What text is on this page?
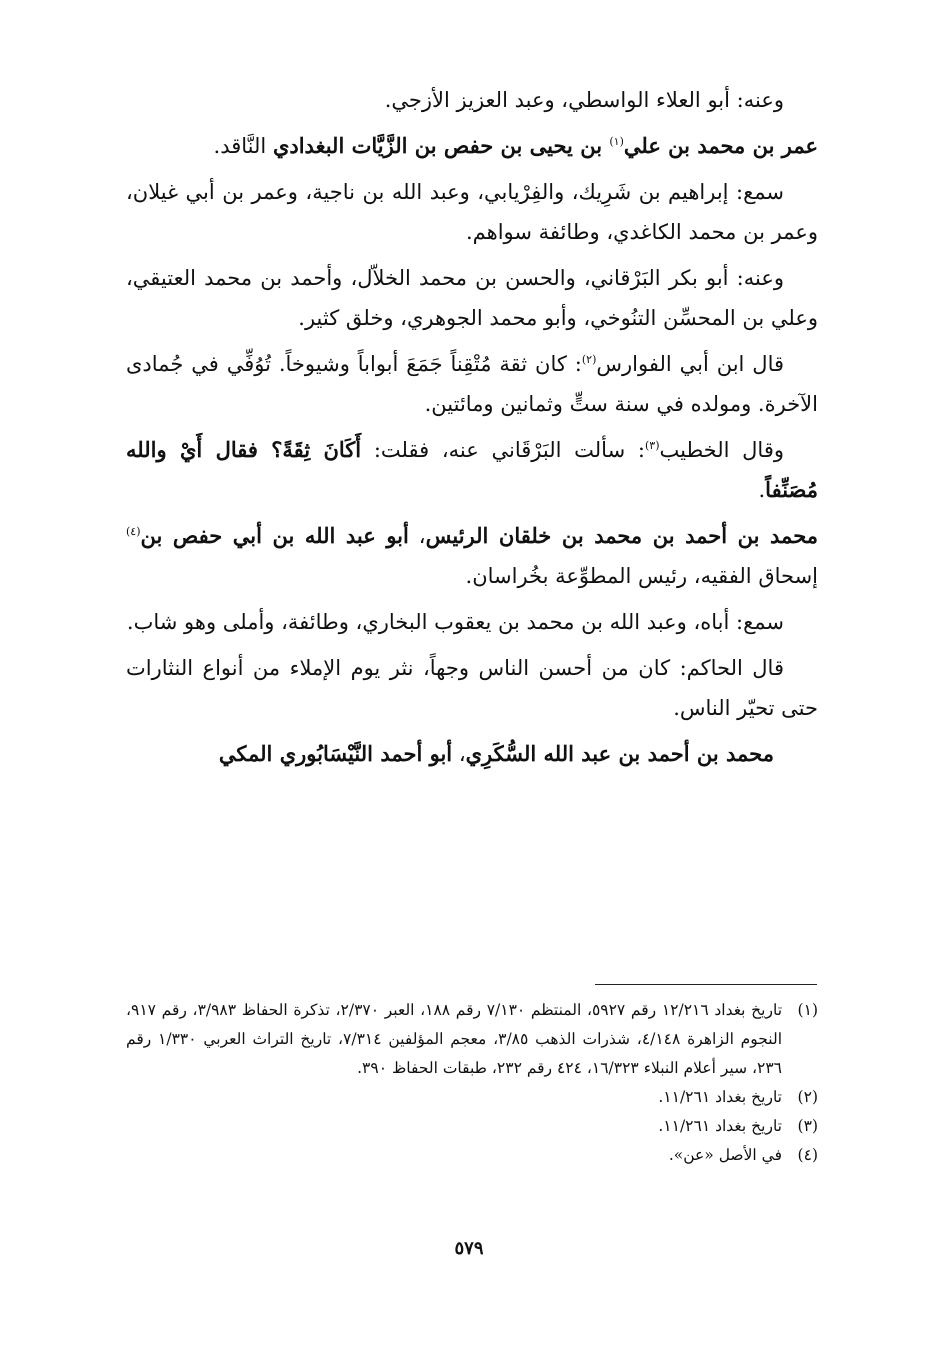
وعنه: أبو العلاء الواسطي، وعبد العزيز الأزجي.

عمر بن محمد بن علي$^{(١)}$ بن يحيى بن حفص بن الزَّيَّات البغدادي النَّاقد.

سمع: إبراهيم بن شَرِيك، والفِرْيابي، وعبد الله بن ناجية، وعمر بن أبي غيلان، وعمر بن محمد الكاغدي، وطائفة سواهم.

وعنه: أبو بكر البَرْقاني، والحسن بن محمد الخلاّل، وأحمد بن محمد العتيقي، وعلي بن المحسِّن التنُوخي، وأبو محمد الجوهري، وخلق كثير.

قال ابن أبي الفوارس$^{(٢)}$: كان ثقة مُتْقِناً جَمَعَ أبواباً وشيوخاً. تُوُفِّي في جُمادى الآخرة. ومولده في سنة ستٍّ وثمانين ومائتين.

وقال الخطيب$^{(٣)}$: سألت البَرْقَاني عنه، فقلت: أَكَانَ ثِقَةً؟ فقال أَيْ والله مُصَنِّفاً.

محمد بن أحمد بن محمد بن خلقان الرئيس، أبو عبد الله بن أبي حفص بن$^{(٤)}$ إسحاق الفقيه، رئيس المطوِّعة بخُراسان.

سمع: أباه، وعبد الله بن محمد بن يعقوب البخاري، وطائفة، وأملى وهو شاب.

قال الحاكم: كان من أحسن الناس وجهاً، نثر يوم الإملاء من أنواع النثارات حتى تحيّر الناس.

محمد بن أحمد بن عبد الله السُّكَرِي، أبو أحمد النَّيْسَابُوري المكي

(١)
تاريخ بغداد ١٢/٢١٦ رقم ٥٩٢٧، المنتظم ٧/١٣٠ رقم ١٨٨، العبر ٢/٣٧٠، تذكرة الحفاظ ٣/٩٨٣، رقم ٩١٧، النجوم الزاهرة ٤/١٤٨، شذرات الذهب ٣/٨٥، معجم المؤلفين ٧/٣١٤، تاريخ التراث العربي ١/٣٣٠ رقم ٢٣٦، سير أعلام النبلاء ١٦/٣٢٣، ٤٢٤ رقم ٢٣٢، طبقات الحفاظ ٣٩٠.
(٢)
تاريخ بغداد ١١/٢٦١.
(٣)
تاريخ بغداد ١١/٢٦١.
(٤)
في الأصل «عن».
٥٧٩
